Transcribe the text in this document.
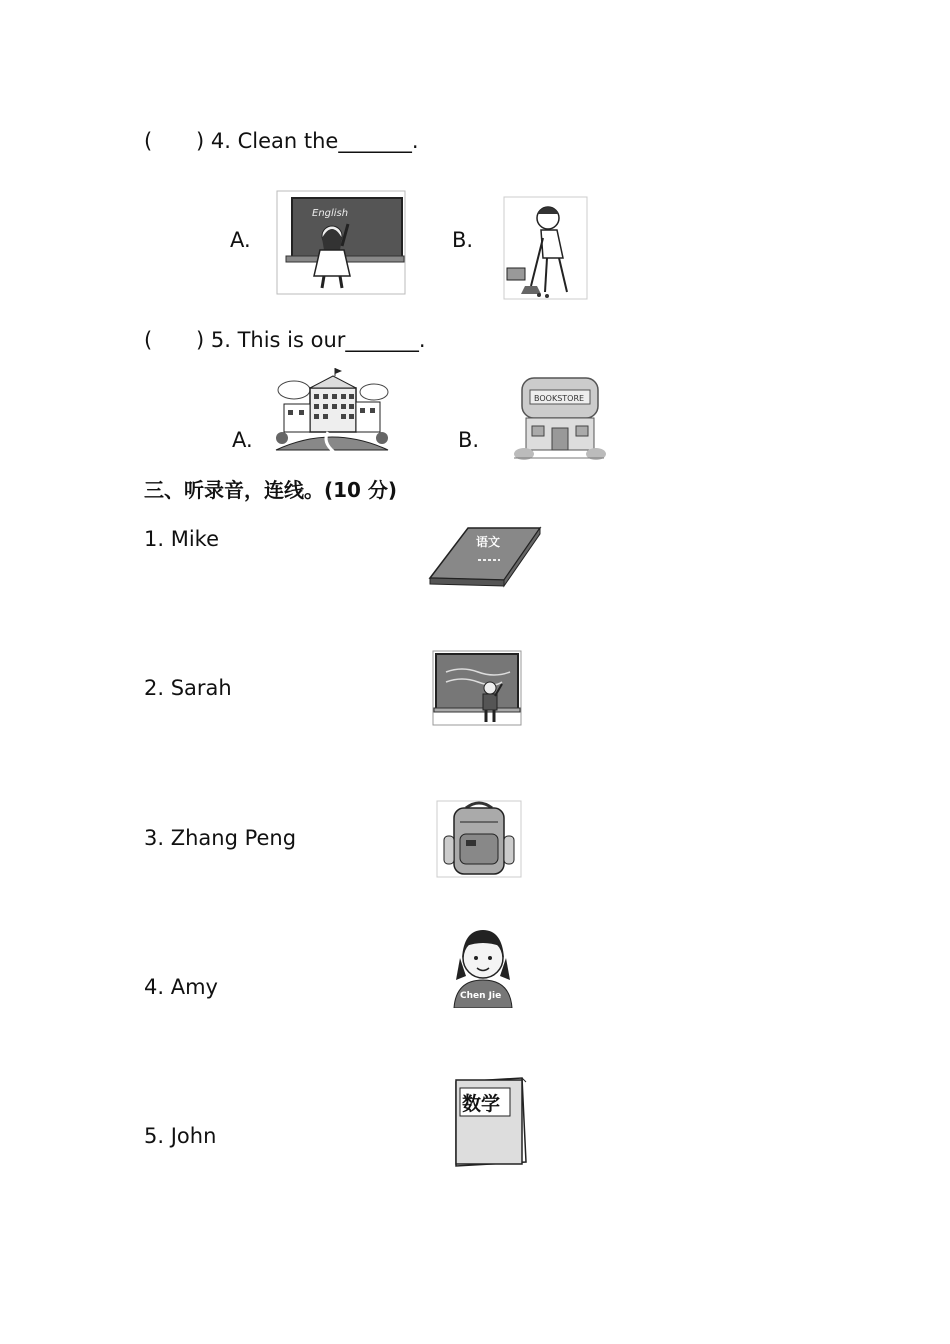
( ) 4. Clean the_______.
A.
English
B.
( ) 5. This is our_______.
A.	B.
BOOKSTORE
三、听录音，连线。(10 分)
1. Mike	语文
2. Sarah
3. Zhang Peng
4. Amy	Chen Jie
5. John
数学
